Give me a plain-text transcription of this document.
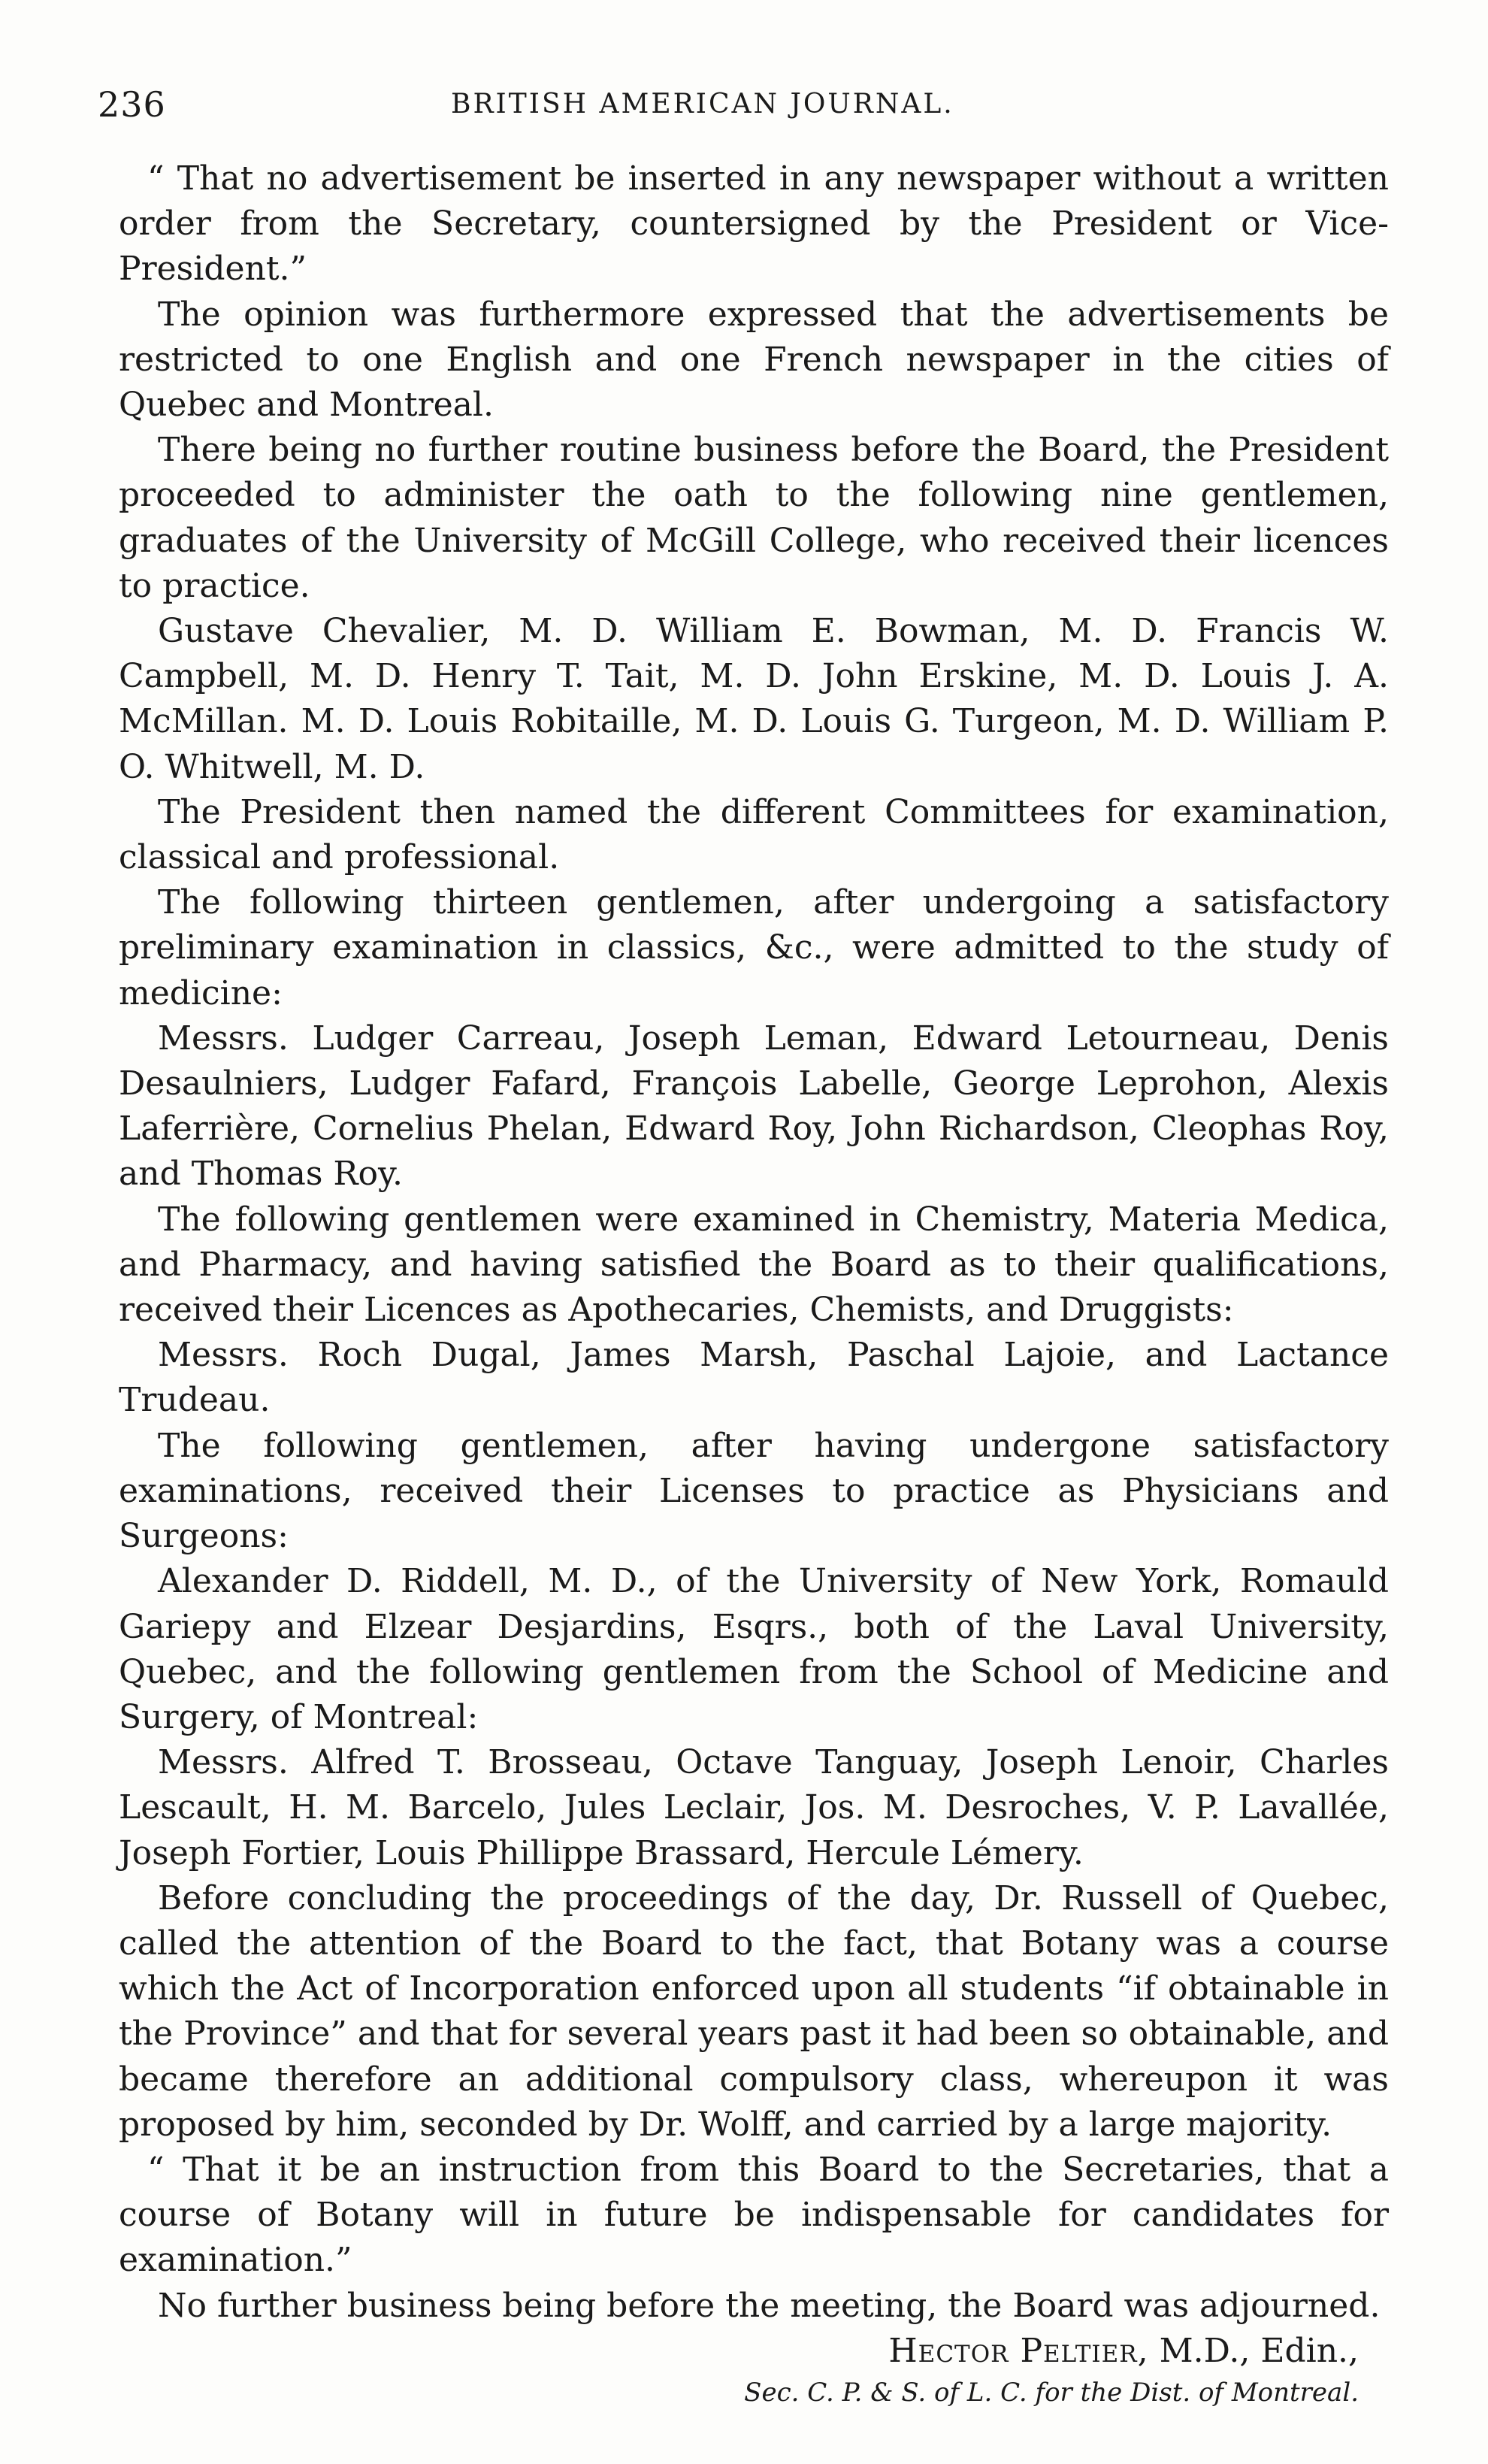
236	BRITISH AMERICAN JOURNAL.

“ That no advertisement be inserted in any newspaper without a written order from the Secretary, countersigned by the President or Vice-President.”

The opinion was furthermore expressed that the advertisements be restricted to one English and one French newspaper in the cities of Quebec and Montreal.

There being no further routine business before the Board, the President proceeded to administer the oath to the following nine gentlemen, graduates of the University of McGill College, who received their licences to practice.

Gustave Chevalier, M. D. William E. Bowman, M. D. Francis W. Campbell, M. D. Henry T. Tait, M. D. John Erskine, M. D. Louis J. A. McMillan. M. D. Louis Robitaille, M. D. Louis G. Turgeon, M. D. William P. O. Whitwell, M. D.

The President then named the different Committees for examination, classical and professional.

The following thirteen gentlemen, after undergoing a satisfactory preliminary examination in classics, &c., were admitted to the study of medicine:

Messrs. Ludger Carreau, Joseph Leman, Edward Letourneau, Denis Desaulniers, Ludger Fafard, François Labelle, George Leprohon, Alexis Laferrière, Cornelius Phelan, Edward Roy, John Richardson, Cleophas Roy, and Thomas Roy.

The following gentlemen were examined in Chemistry, Materia Medica, and Pharmacy, and having satisfied the Board as to their qualifications, received their Licences as Apothecaries, Chemists, and Druggists:

Messrs. Roch Dugal, James Marsh, Paschal Lajoie, and Lactance Trudeau.

The following gentlemen, after having undergone satisfactory examinations, received their Licenses to practice as Physicians and Surgeons:

Alexander D. Riddell, M. D., of the University of New York, Romauld Gariepy and Elzear Desjardins, Esqrs., both of the Laval University, Quebec, and the following gentlemen from the School of Medicine and Surgery, of Montreal:

Messrs. Alfred T. Brosseau, Octave Tanguay, Joseph Lenoir, Charles Lescault, H. M. Barcelo, Jules Leclair, Jos. M. Desroches, V. P. Lavallée, Joseph Fortier, Louis Phillippe Brassard, Hercule Lémery.

Before concluding the proceedings of the day, Dr. Russell of Quebec, called the attention of the Board to the fact, that Botany was a course which the Act of Incorporation enforced upon all students “if obtainable in the Province” and that for several years past it had been so obtainable, and became therefore an additional compulsory class, whereupon it was proposed by him, seconded by Dr. Wolff, and carried by a large majority.

“ That it be an instruction from this Board to the Secretaries, that a course of Botany will in future be indispensable for candidates for examination.”

No further business being before the meeting, the Board was adjourned.

Hector Peltier, M.D., Edin.,
Sec. C. P. & S. of L. C. for the Dist. of Montreal.
